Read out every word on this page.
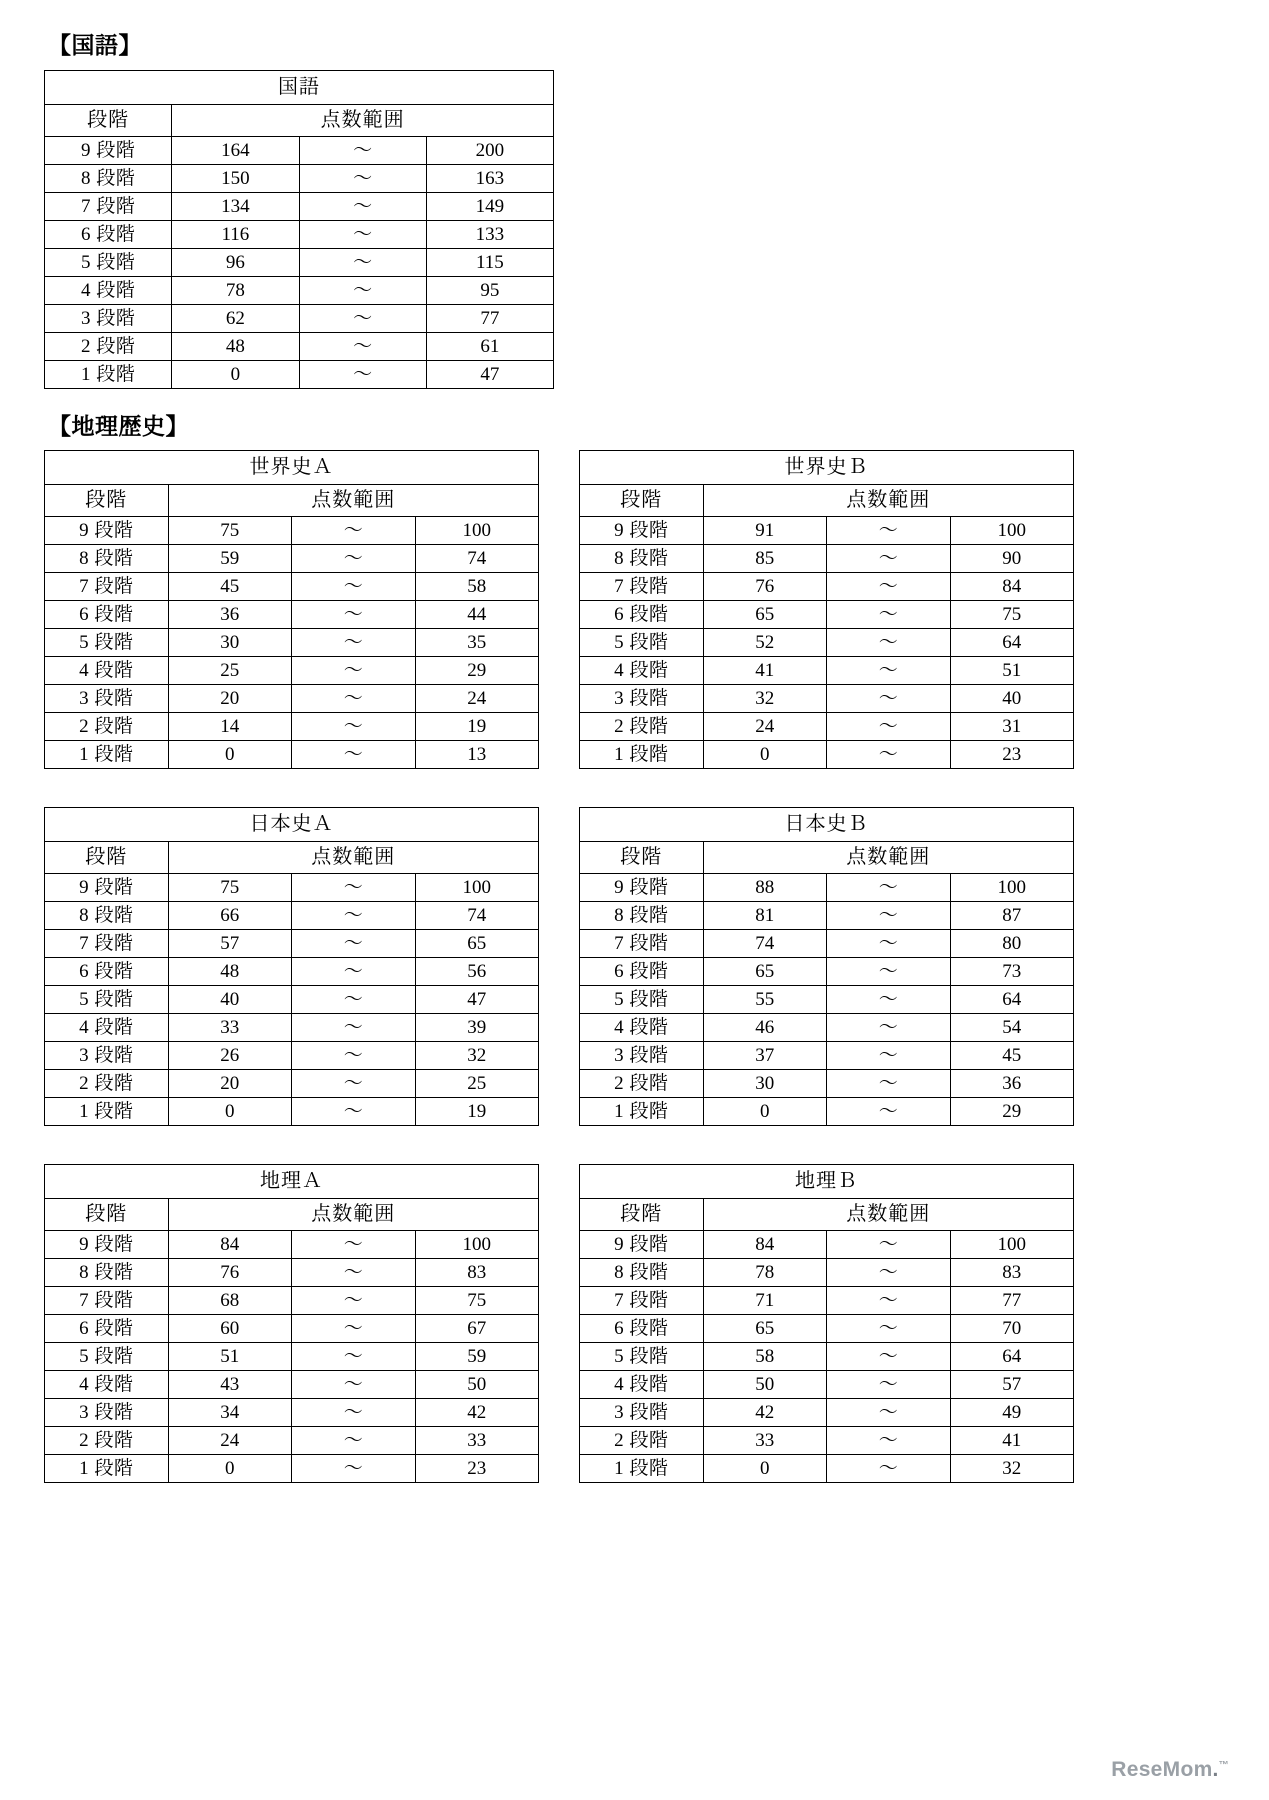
【国語】
国語			
段階	点数範囲		
9 段階	164	〜	200
8 段階	150	〜	163
7 段階	134	〜	149
6 段階	116	〜	133
5 段階	96	〜	115
4 段階	78	〜	95
3 段階	62	〜	77
2 段階	48	〜	61
1 段階	0	〜	47
【地理歴史】
世界史Ａ			
段階	点数範囲		
9 段階	75	〜	100
8 段階	59	〜	74
7 段階	45	〜	58
6 段階	36	〜	44
5 段階	30	〜	35
4 段階	25	〜	29
3 段階	20	〜	24
2 段階	14	〜	19
1 段階	0	〜	13
世界史Ｂ			
段階	点数範囲		
9 段階	91	〜	100
8 段階	85	〜	90
7 段階	76	〜	84
6 段階	65	〜	75
5 段階	52	〜	64
4 段階	41	〜	51
3 段階	32	〜	40
2 段階	24	〜	31
1 段階	0	〜	23
日本史Ａ			
段階	点数範囲		
9 段階	75	〜	100
8 段階	66	〜	74
7 段階	57	〜	65
6 段階	48	〜	56
5 段階	40	〜	47
4 段階	33	〜	39
3 段階	26	〜	32
2 段階	20	〜	25
1 段階	0	〜	19
日本史Ｂ			
段階	点数範囲		
9 段階	88	〜	100
8 段階	81	〜	87
7 段階	74	〜	80
6 段階	65	〜	73
5 段階	55	〜	64
4 段階	46	〜	54
3 段階	37	〜	45
2 段階	30	〜	36
1 段階	0	〜	29
地理Ａ			
段階	点数範囲		
9 段階	84	〜	100
8 段階	76	〜	83
7 段階	68	〜	75
6 段階	60	〜	67
5 段階	51	〜	59
4 段階	43	〜	50
3 段階	34	〜	42
2 段階	24	〜	33
1 段階	0	〜	23
地理Ｂ			
段階	点数範囲		
9 段階	84	〜	100
8 段階	78	〜	83
7 段階	71	〜	77
6 段階	65	〜	70
5 段階	58	〜	64
4 段階	50	〜	57
3 段階	42	〜	49
2 段階	33	〜	41
1 段階	0	〜	32
ReseMom.™
